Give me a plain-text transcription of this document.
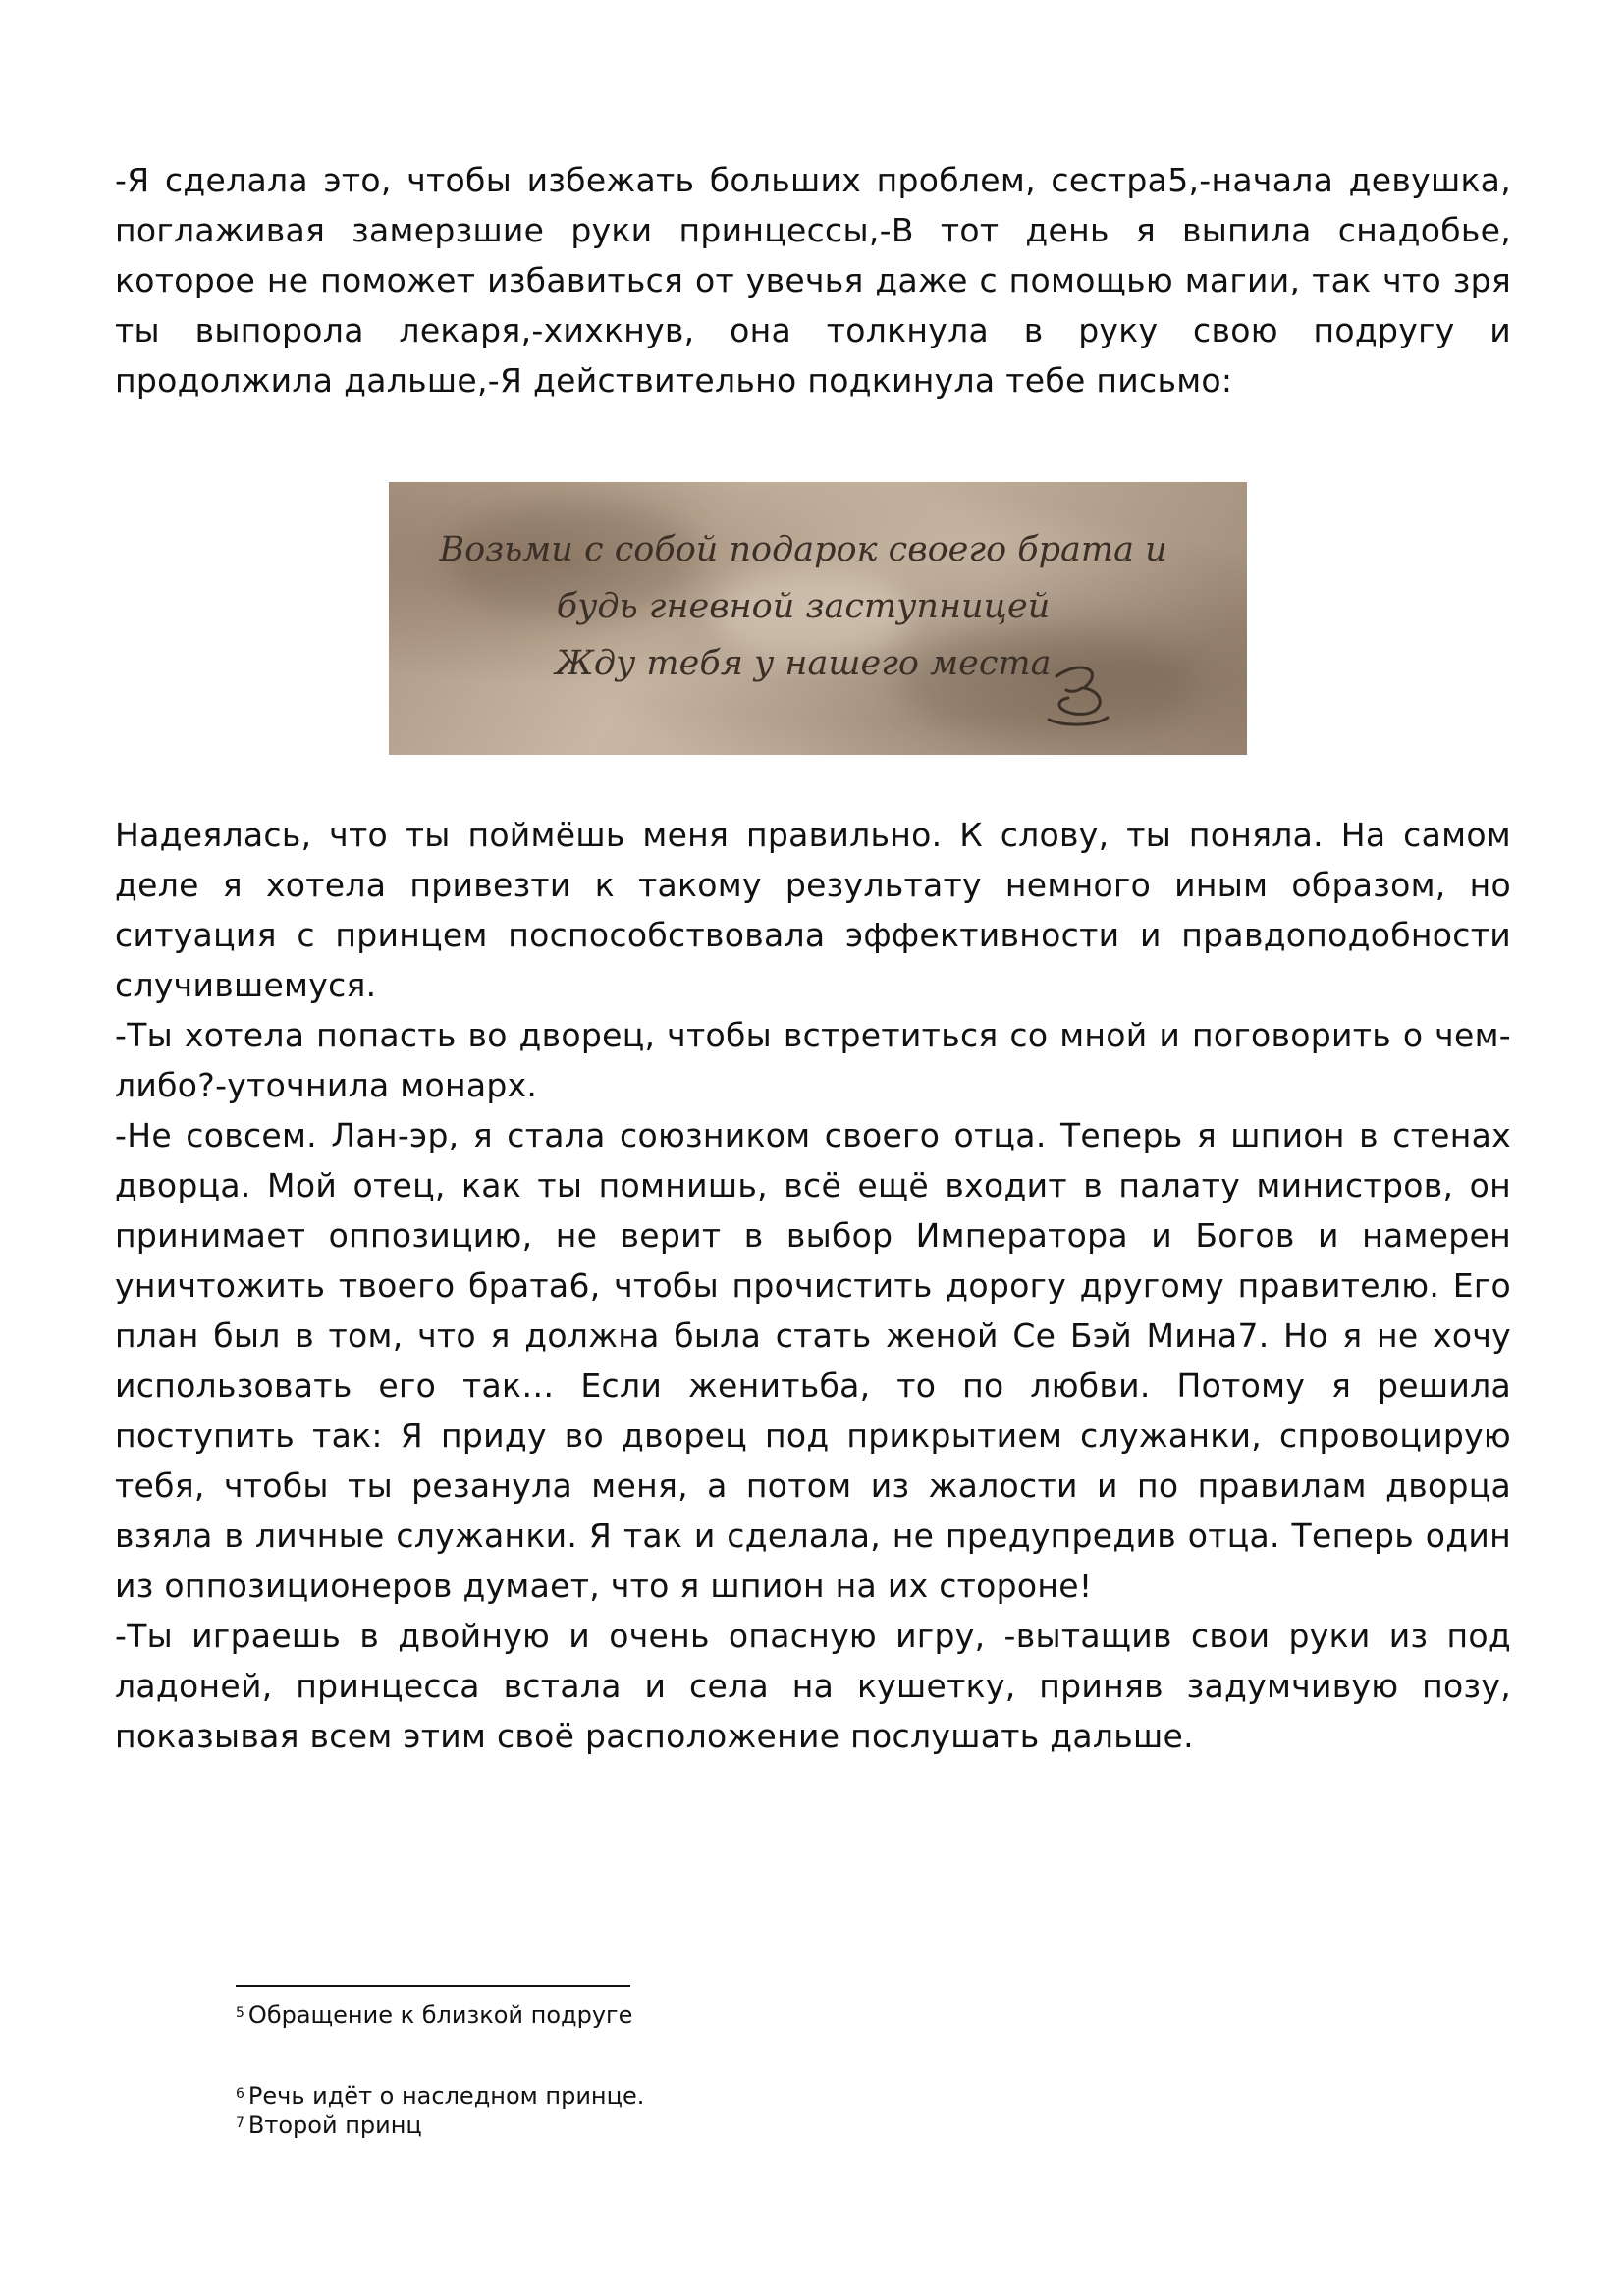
-Я сделала это, чтобы избежать больших проблем, сестра5,-начала девушка, поглаживая замерзшие руки принцессы,-В тот день я выпила снадобье, которое не поможет избавиться от увечья даже с помощью магии, так что зря ты выпорола лекаря,-хихкнув, она толкнула в руку свою подругу и продолжила дальше,-Я действительно подкинула тебе письмо:

Возьми с собой подарок своего брата и
будь гневной заступницей
Жду тебя у нашего места

Надеялась, что ты поймёшь меня правильно. К слову, ты поняла. На самом деле я хотела привезти к такому результату немного иным образом, но ситуация с принцем поспособствовала эффективности и правдоподобности случившемуся.

-Ты хотела попасть во дворец, чтобы встретиться со мной и поговорить о чем-либо?-уточнила монарх.

-Не совсем. Лан-эр, я стала союзником своего отца. Теперь я шпион в стенах дворца. Мой отец, как ты помнишь, всё ещё входит в палату министров, он принимает оппозицию, не верит в выбор Императора и Богов и намерен уничтожить твоего брата6, чтобы прочистить дорогу другому правителю. Его план был в том, что я должна была стать женой Се Бэй Мина7. Но я не хочу использовать его так… Если женитьба, то по любви. Потому я решила поступить так: Я приду во дворец под прикрытием служанки, спровоцирую тебя, чтобы ты резанула меня, а потом из жалости и по правилам дворца взяла в личные служанки. Я так и сделала, не предупредив отца. Теперь один из оппозиционеров думает, что я шпион на их стороне!

-Ты играешь в двойную и очень опасную игру, -вытащив свои руки из под ладоней, принцесса встала и села на кушетку, приняв задумчивую позу, показывая всем этим своё расположение послушать дальше.

$^5$ Обращение к близкой подруге
$^6$ Речь идёт о наследном принце.
$^7$ Второй принц
